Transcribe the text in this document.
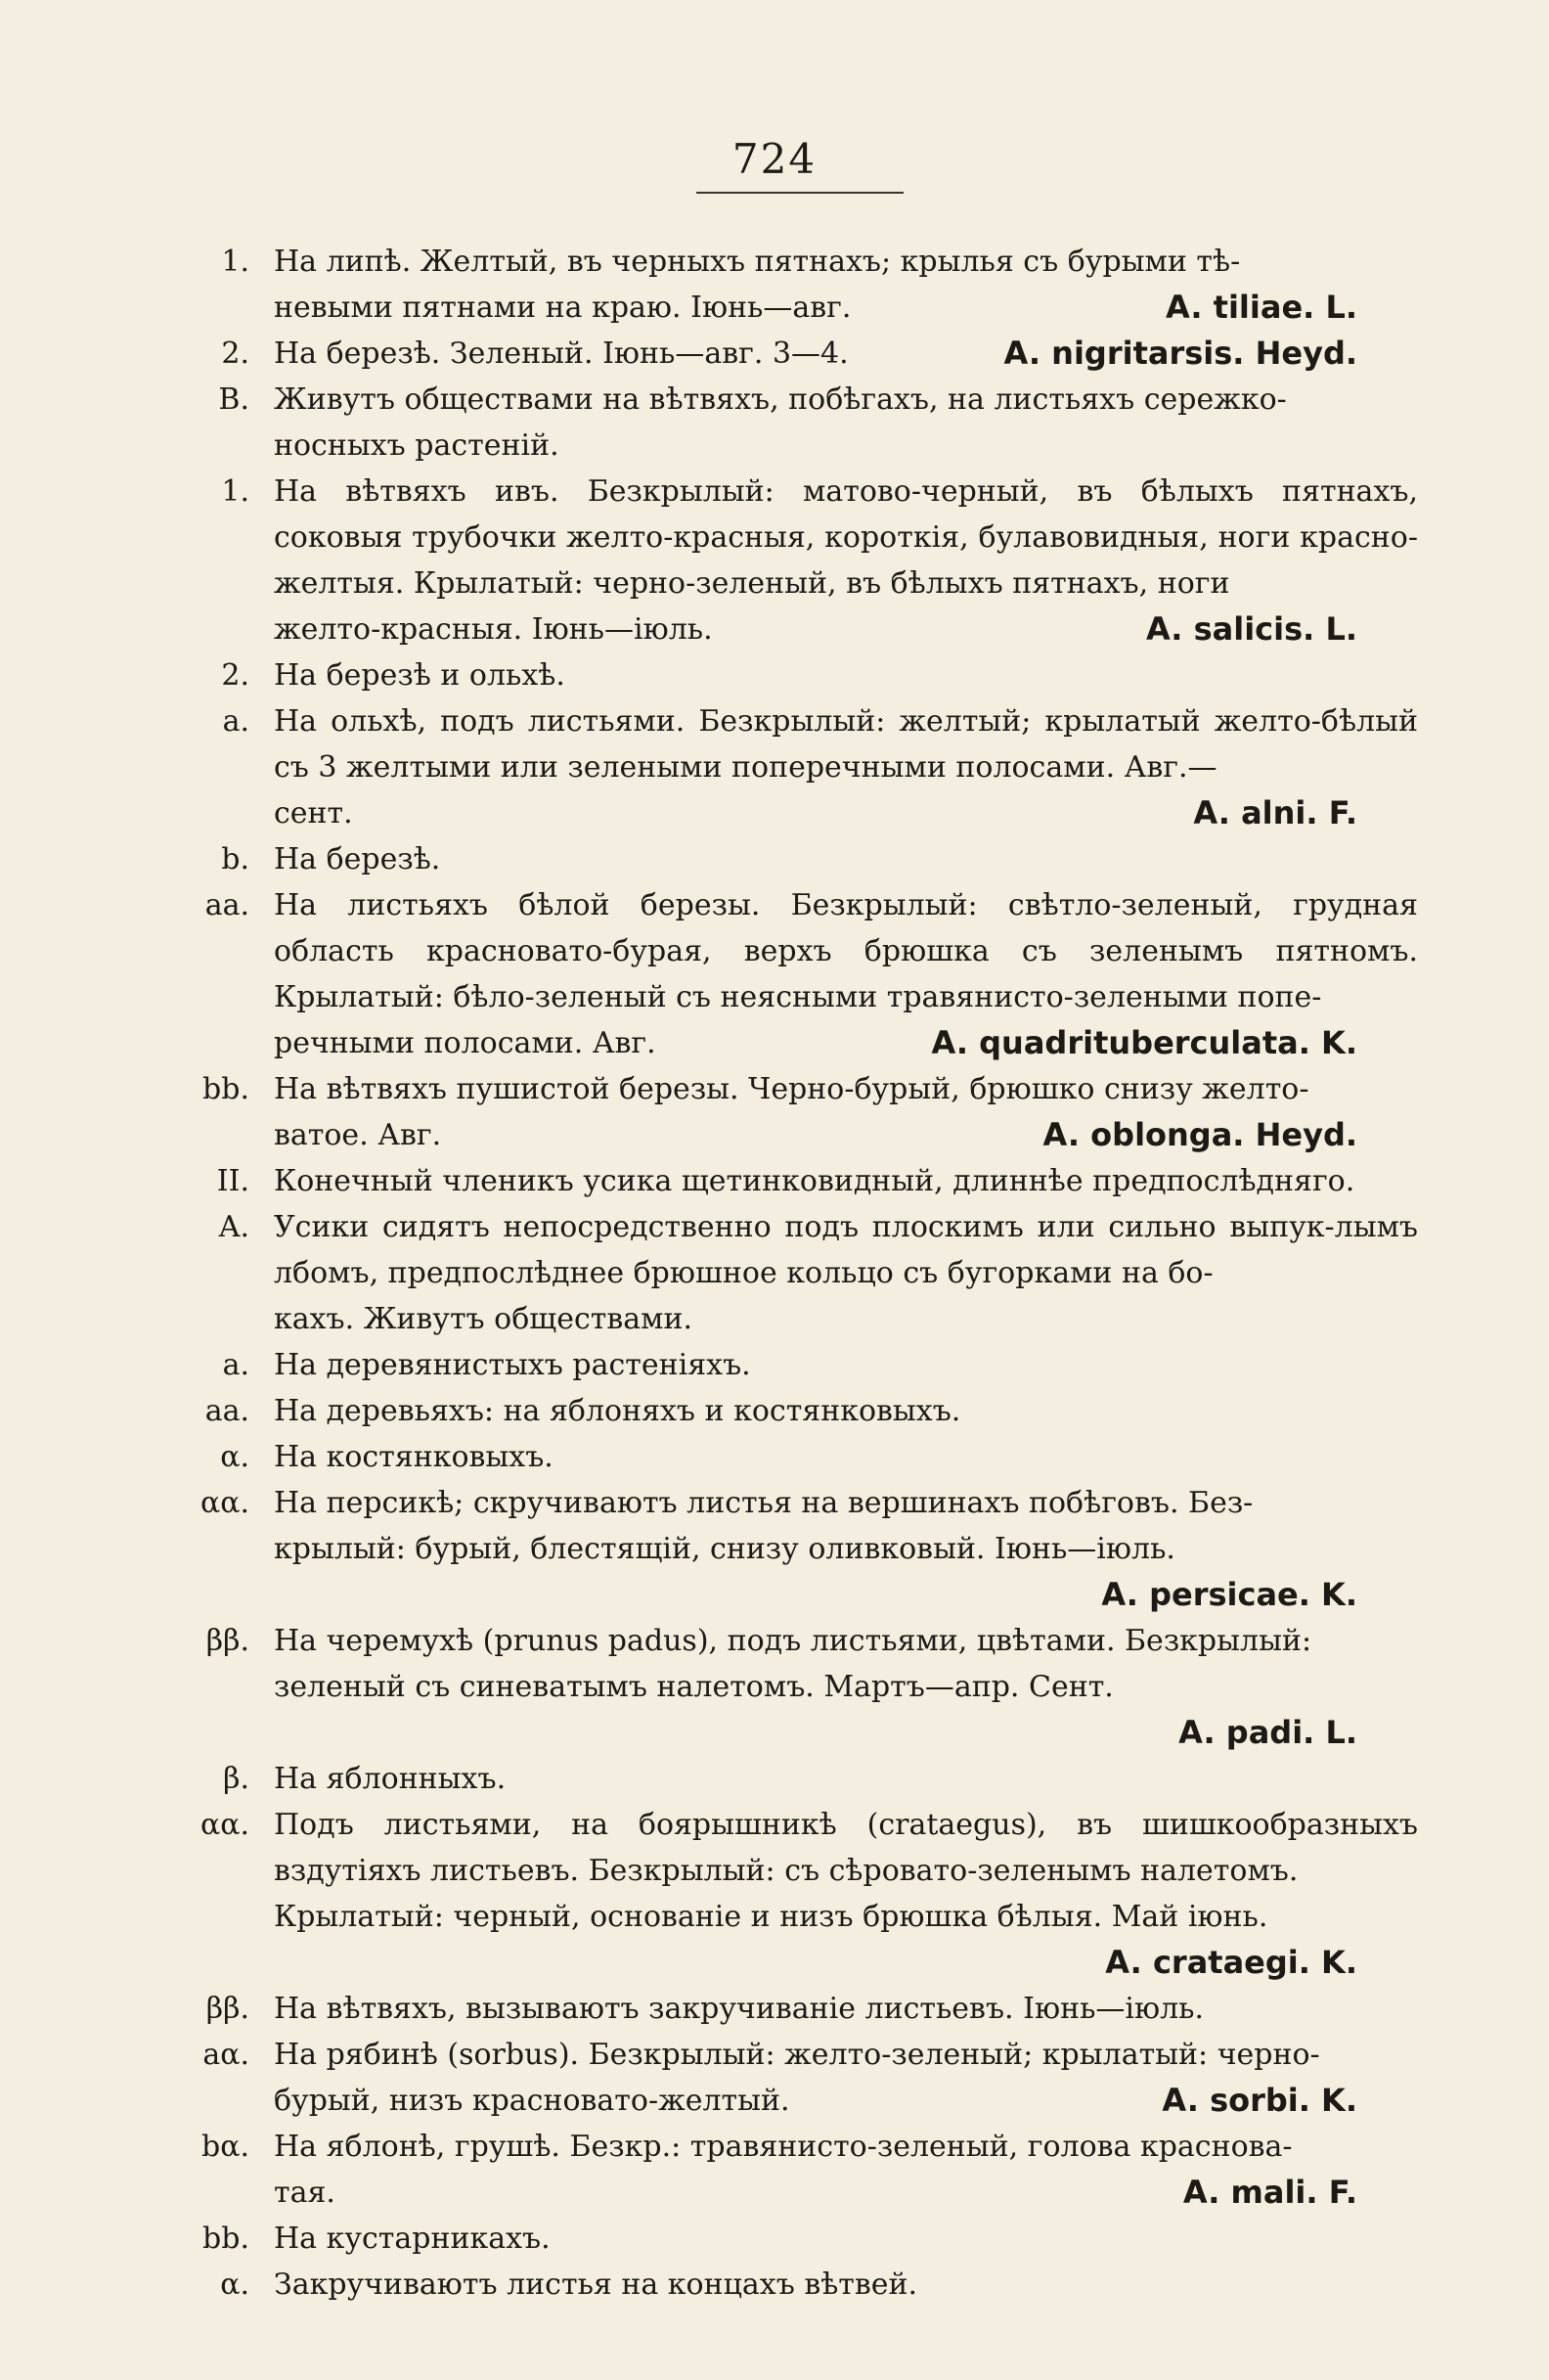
724
1. На липѣ. Желтый, въ черныхъ пятнахъ; крылья съ бурыми тѣ-
невыми пятнами на краю. Іюнь—авг.	A. tiliae. L.
2. На березѣ. Зеленый. Іюнь—авг. 3—4.	A. nigritarsis. Heyd.
B. Живутъ обществами на вѣтвяхъ, побѣгахъ, на листьяхъ сережко-
носныхъ растеній.
1. На вѣтвяхъ ивъ. Безкрылый: матово-черный, въ бѣлыхъ пятнахъ, соковыя трубочки желто-красныя, короткія, булавовидныя, ноги красно-желтыя. Крылатый: черно-зеленый, въ бѣлыхъ пятнахъ, ноги
желто-красныя. Іюнь—іюль.	A. salicis. L.
2. На березѣ и ольхѣ.
a. На ольхѣ, подъ листьями. Безкрылый: желтый; крылатый желто-бѣлый съ 3 желтыми или зелеными поперечными полосами. Авг.—
сент.	A. alni. F.
b. На березѣ.
aa. На листьяхъ бѣлой березы. Безкрылый: свѣтло-зеленый, грудная область красновато-бурая, верхъ брюшка съ зеленымъ пятномъ. Крылатый: бѣло-зеленый съ неясными травянисто-зелеными попе-
речными полосами. Авг.	A. quadrituberculata. K.
bb. На вѣтвяхъ пушистой березы. Черно-бурый, брюшко снизу желто-
ватое. Авг.	A. oblonga. Heyd.
II. Конечный членикъ усика щетинковидный, длиннѣе предпослѣдняго.
A. Усики сидятъ непосредственно подъ плоскимъ или сильно выпук-лымъ лбомъ, предпослѣднее брюшное кольцо съ бугорками на бо-
кахъ. Живутъ обществами.
a. На деревянистыхъ растеніяхъ.
aa. На деревьяхъ: на яблоняхъ и костянковыхъ.
α. На костянковыхъ.
αα. На персикѣ; скручиваютъ листья на вершинахъ побѣговъ. Без-
крылый: бурый, блестящій, снизу оливковый. Іюнь—іюль.
A. persicae. K.
ββ. На черемухѣ (prunus padus), подъ листьями, цвѣтами. Безкрылый:
зеленый съ синеватымъ налетомъ. Мартъ—апр. Сент.
A. padi. L.
β. На яблонныхъ.
αα. Подъ листьями, на боярышникѣ (crataegus), въ шишкообразныхъ вздутіяхъ листьевъ. Безкрылый: съ сѣровато-зеленымъ налетомъ.
Крылатый: черный, основаніе и низъ брюшка бѣлыя. Май іюнь.
A. crataegi. K.
ββ. На вѣтвяхъ, вызываютъ закручиваніе листьевъ. Іюнь—іюль.
aα. На рябинѣ (sorbus). Безкрылый: желто-зеленый; крылатый: черно-
бурый, низъ красновато-желтый.	A. sorbi. K.
bα. На яблонѣ, грушѣ. Безкр.: травянисто-зеленый, голова краснова-
тая.	A. mali. F.
bb. На кустарникахъ.
α. Закручиваютъ листья на концахъ вѣтвей.
